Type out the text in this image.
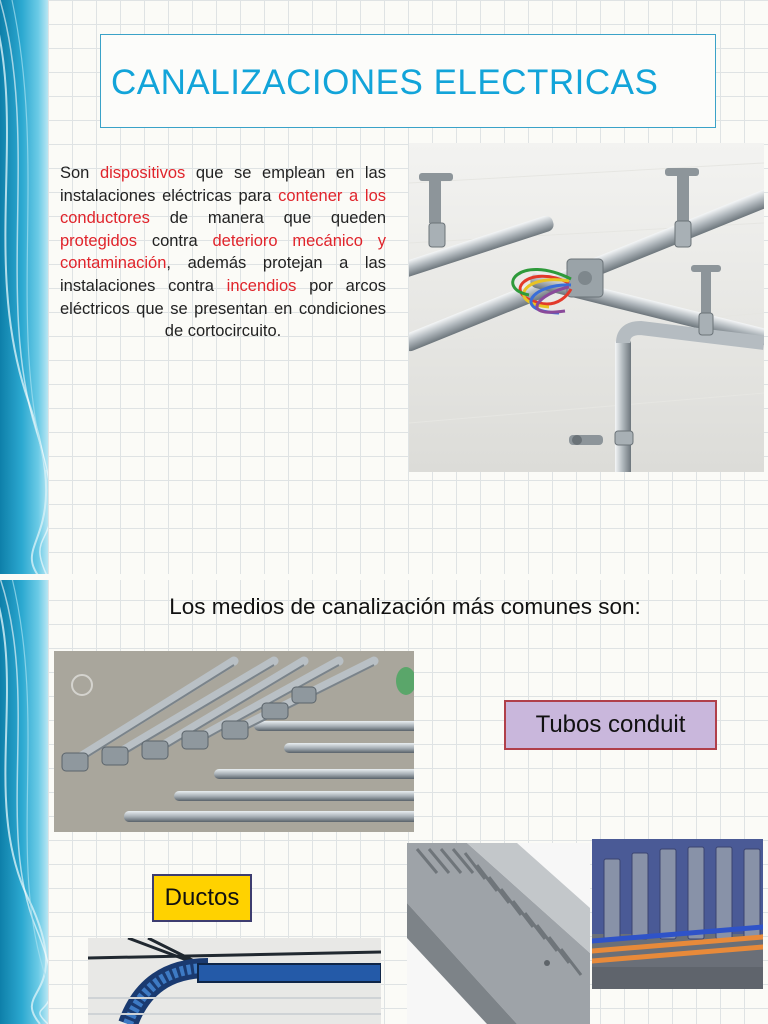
CANALIZACIONES ELECTRICAS
Son dispositivos que se emplean en las instalaciones eléctricas para contener a los conductores de manera que queden protegidos contra deterioro mecánico y contaminación, además protejan a las instalaciones contra incendios por arcos eléctricos que se presentan en condiciones de cortocircuito.
Los medios de canalización más comunes son:
Tubos conduit
Ductos
